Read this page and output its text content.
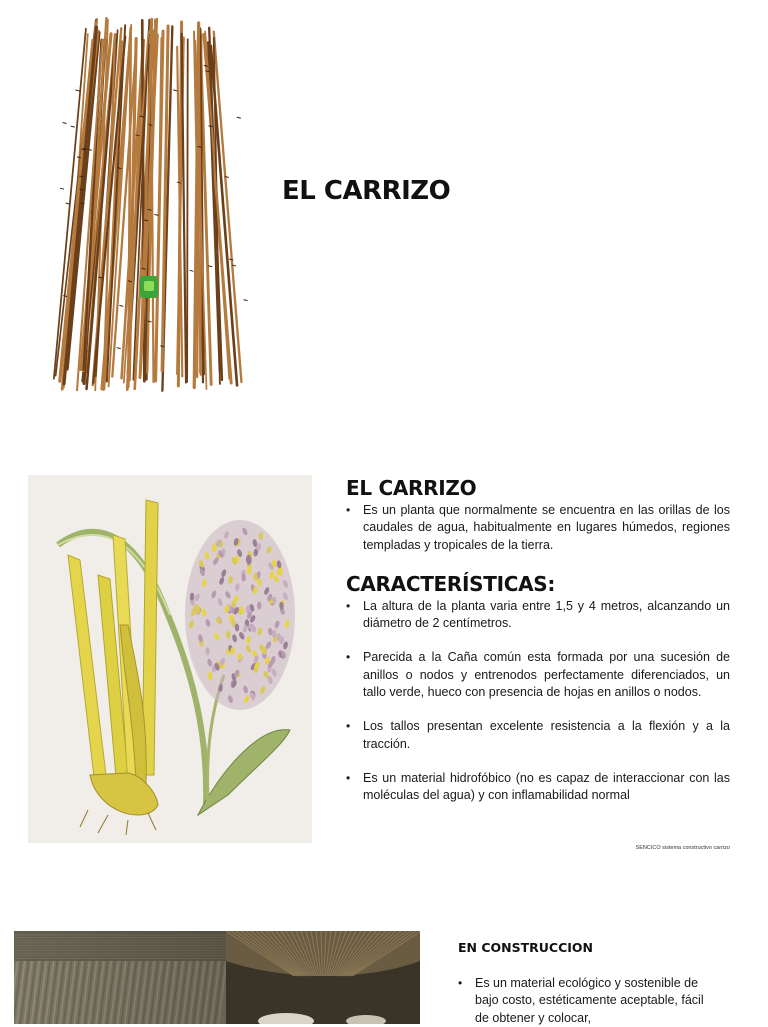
EL CARRIZO
EL CARRIZO
• Es un planta que normalmente se encuentra en las orillas de los caudales de agua, habitualmente en lugares húmedos, regiones templadas y tropicales de la tierra.
CARACTERÍSTICAS:
• La altura de la planta varia entre 1,5 y 4 metros, alcanzando un diámetro de 2 centímetros.
• Parecida a la Caña común esta formada por una sucesión de anillos o nodos y entrenodos perfectamente diferenciados, un tallo verde, hueco con presencia de hojas en anillos o nodos.
• Los tallos presentan excelente resistencia a la flexión y a la tracción.
• Es un material hidrofóbico (no es capaz de interaccionar con las moléculas del agua) y con inflamabilidad normal
SENCICO sistema constructivo carrizo
EN CONSTRUCCION
• Es un material ecológico y sostenible de bajo costo, estéticamente aceptable, fácil de obtener y colocar,
